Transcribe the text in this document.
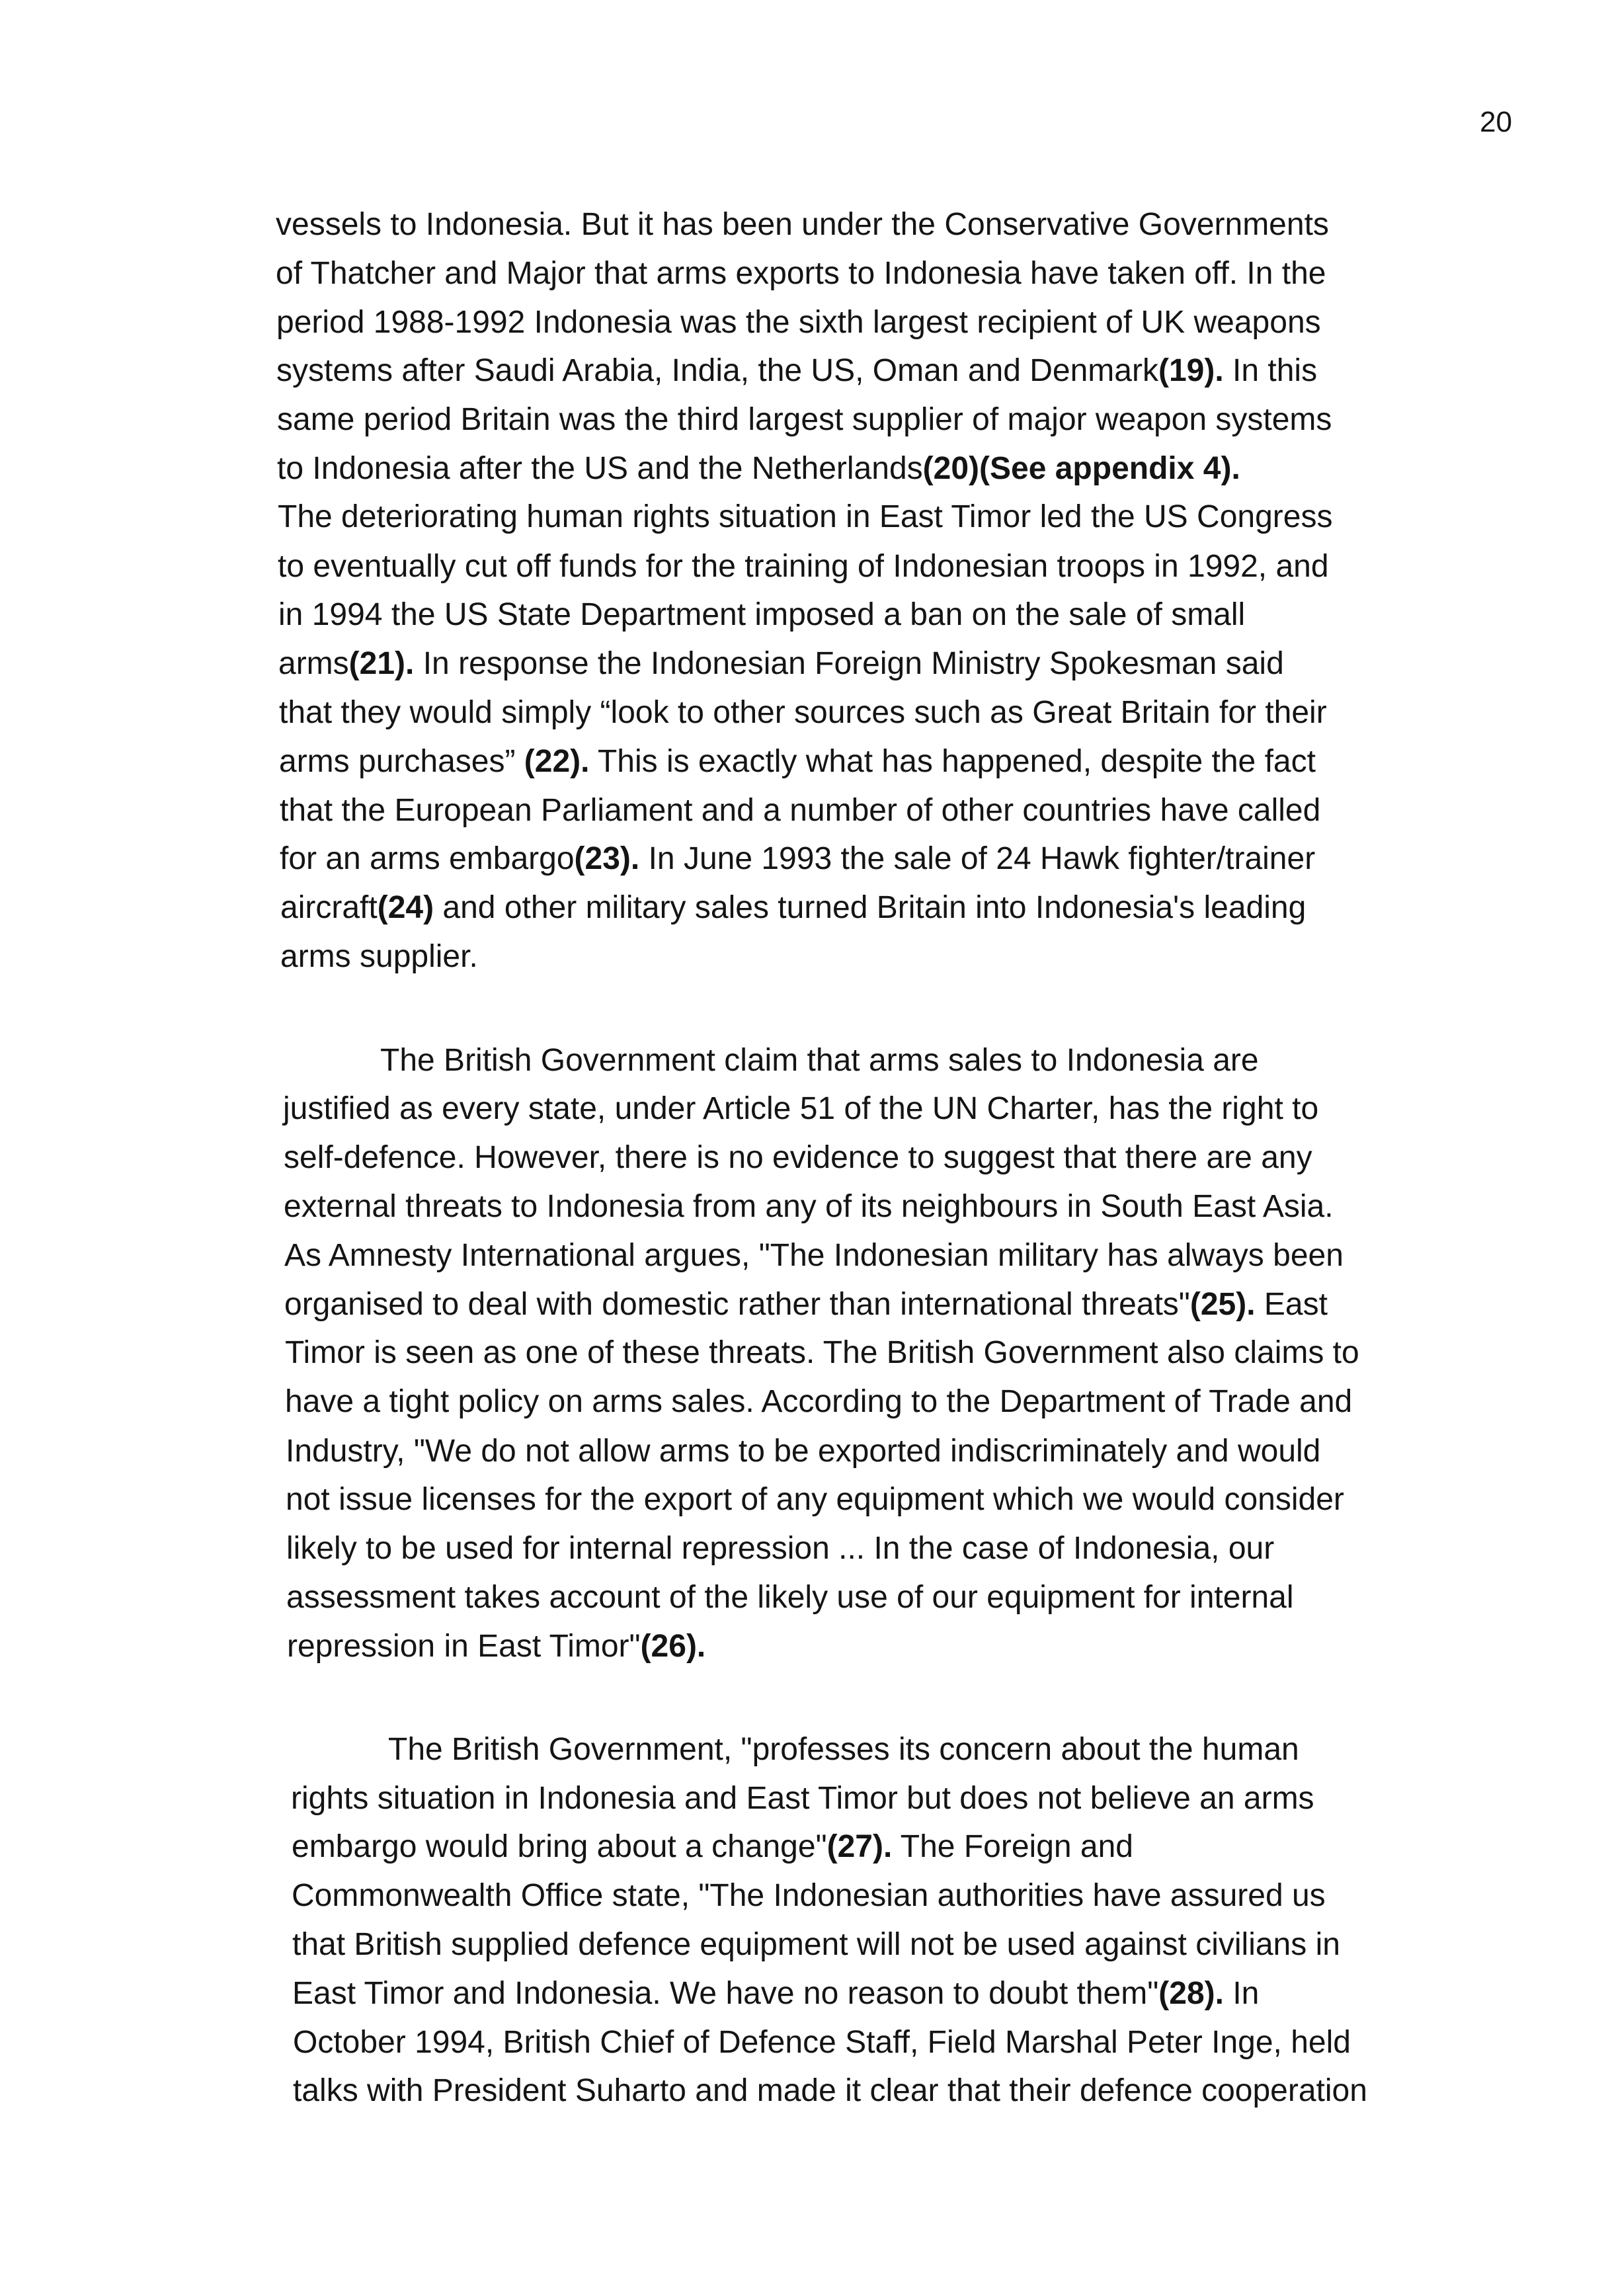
20
vessels to Indonesia. But it has been under the Conservative Governments
of Thatcher and Major that arms exports to Indonesia have taken off. In the
period 1988-1992 Indonesia was the sixth largest recipient of UK weapons
systems after Saudi Arabia, India, the US, Oman and Denmark(19). In this
same period Britain was the third largest supplier of major weapon systems
to Indonesia after the US and the Netherlands(20)(See appendix 4).
The deteriorating human rights situation in East Timor led the US Congress
to eventually cut off funds for the training of Indonesian troops in 1992, and
in 1994 the US State Department imposed a ban on the sale of small
arms(21). In response the Indonesian Foreign Ministry Spokesman said
that they would simply “look to other sources such as Great Britain for their
arms purchases” (22). This is exactly what has happened, despite the fact
that the European Parliament and a number of other countries have called
for an arms embargo(23). In June 1993 the sale of 24 Hawk fighter/trainer
aircraft(24) and other military sales turned Britain into Indonesia's leading
arms supplier.
The British Government claim that arms sales to Indonesia are
justified as every state, under Article 51 of the UN Charter, has the right to
self-defence. However, there is no evidence to suggest that there are any
external threats to Indonesia from any of its neighbours in South East Asia.
As Amnesty International argues, "The Indonesian military has always been
organised to deal with domestic rather than international threats"(25). East
Timor is seen as one of these threats. The British Government also claims to
have a tight policy on arms sales. According to the Department of Trade and
Industry, "We do not allow arms to be exported indiscriminately and would
not issue licenses for the export of any equipment which we would consider
likely to be used for internal repression ... In the case of Indonesia, our
assessment takes account of the likely use of our equipment for internal
repression in East Timor"(26).
The British Government, "professes its concern about the human
rights situation in Indonesia and East Timor but does not believe an arms
embargo would bring about a change"(27). The Foreign and
Commonwealth Office state, "The Indonesian authorities have assured us
that British supplied defence equipment will not be used against civilians in
East Timor and Indonesia. We have no reason to doubt them"(28). In
October 1994, British Chief of Defence Staff, Field Marshal Peter Inge, held
talks with President Suharto and made it clear that their defence cooperation
